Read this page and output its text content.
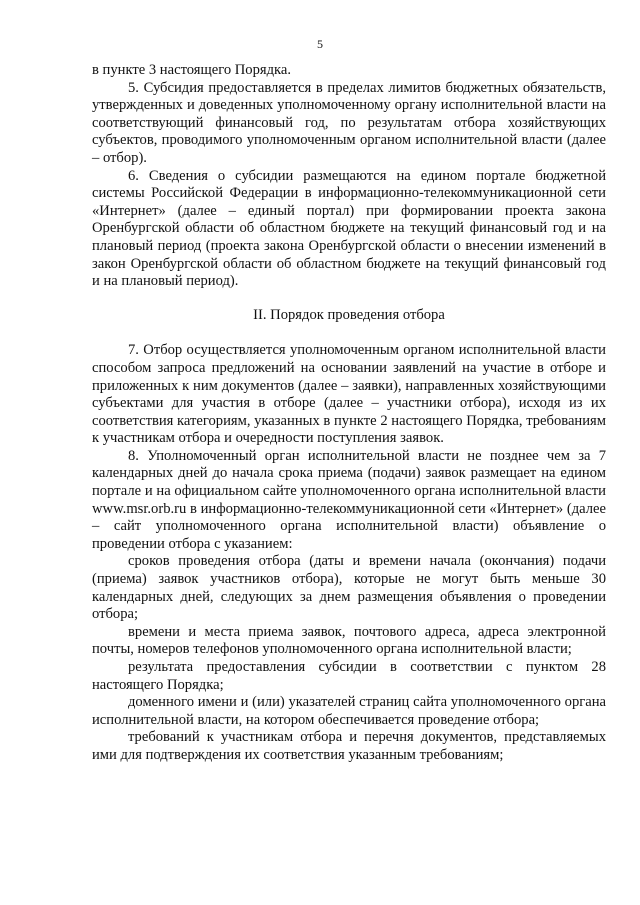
5

в пункте 3 настоящего Порядка.

5. Субсидия предоставляется в пределах лимитов бюджетных обязательств, утвержденных и доведенных уполномоченному органу исполнительной власти на соответствующий финансовый год, по результатам отбора хозяйствующих субъектов, проводимого уполномоченным органом исполнительной власти (далее – отбор).

6. Сведения о субсидии размещаются на едином портале бюджетной системы Российской Федерации в информационно-телекоммуникационной сети «Интернет» (далее – единый портал) при формировании проекта закона Оренбургской области об областном бюджете на текущий финансовый год и на плановый период (проекта закона Оренбургской области о внесении изменений в закон Оренбургской области об областном бюджете на текущий финансовый год и на плановый период).

II. Порядок проведения отбора

7. Отбор осуществляется уполномоченным органом исполнительной власти способом запроса предложений на основании заявлений на участие в отборе и приложенных к ним документов (далее – заявки), направленных хозяйствующими субъектами для участия в отборе (далее – участники отбора), исходя из их соответствия категориям, указанных в пункте 2 настоящего Порядка, требованиям к участникам отбора и очередности поступления заявок.

8. Уполномоченный орган исполнительной власти не позднее чем за 7 календарных дней до начала срока приема (подачи) заявок размещает на едином портале и на официальном сайте уполномоченного органа исполнительной власти www.msr.orb.ru в информационно-телекоммуникационной сети «Интернет» (далее – сайт уполномоченного органа исполнительной власти) объявление о проведении отбора с указанием:

сроков проведения отбора (даты и времени начала (окончания) подачи (приема) заявок участников отбора), которые не могут быть меньше 30 календарных дней, следующих за днем размещения объявления о проведении отбора;

времени и места приема заявок, почтового адреса, адреса электронной почты, номеров телефонов уполномоченного органа исполнительной власти;

результата предоставления субсидии в соответствии с пунктом 28 настоящего Порядка;

доменного имени и (или) указателей страниц сайта уполномоченного органа исполнительной власти, на котором обеспечивается проведение отбора;

требований к участникам отбора и перечня документов, представляемых ими для подтверждения их соответствия указанным требованиям;
